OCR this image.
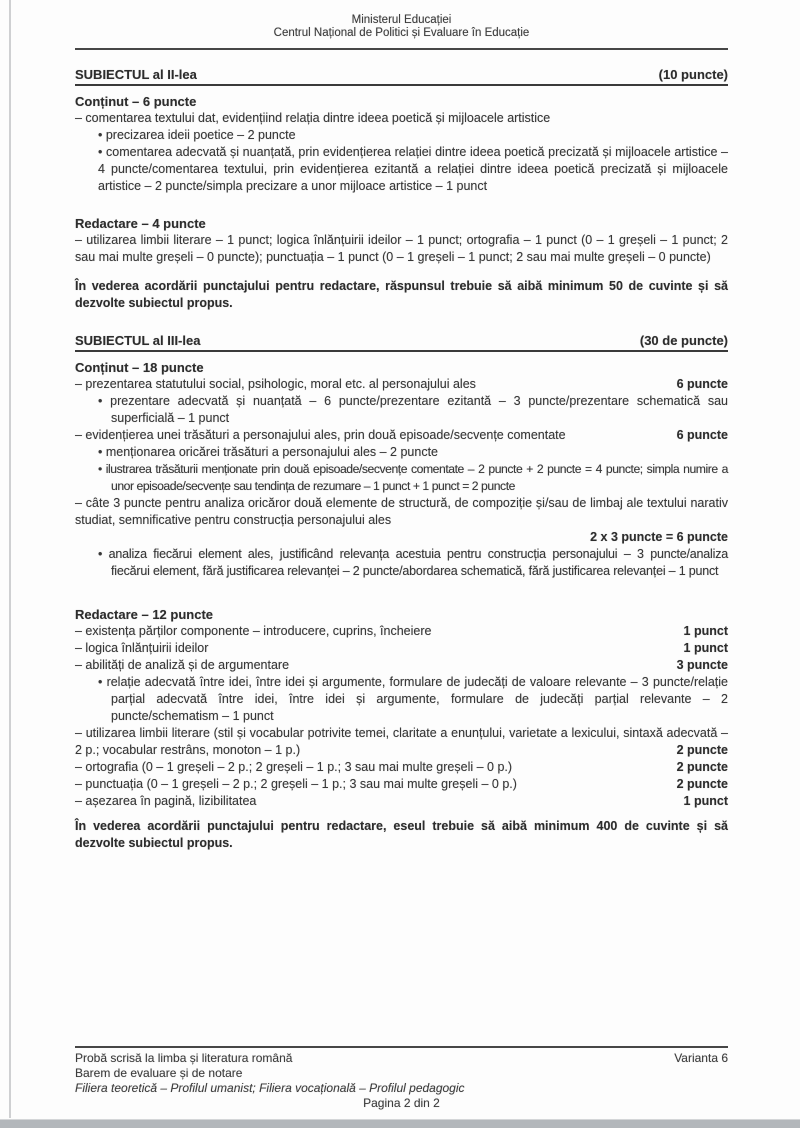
Ministerul Educației
Centrul Național de Politici și Evaluare în Educație
SUBIECTUL al II-lea	(10 puncte)
Conținut – 6 puncte
– comentarea textului dat, evidențiind relația dintre ideea poetică și mijloacele artistice
• precizarea ideii poetice – 2 puncte
• comentarea adecvată și nuanțată, prin evidențierea relației dintre ideea poetică precizată și mijloacele artistice – 4 puncte/comentarea textului, prin evidențierea ezitantă a relației dintre ideea poetică precizată și mijloacele artistice – 2 puncte/simpla precizare a unor mijloace artistice – 1 punct
Redactare – 4 puncte
– utilizarea limbii literare – 1 punct; logica înlănțuirii ideilor – 1 punct; ortografia – 1 punct (0 – 1 greșeli – 1 punct; 2 sau mai multe greșeli – 0 puncte); punctuația – 1 punct (0 – 1 greșeli – 1 punct; 2 sau mai multe greșeli – 0 puncte)
În vederea acordării punctajului pentru redactare, răspunsul trebuie să aibă minimum 50 de cuvinte și să dezvolte subiectul propus.
SUBIECTUL al III-lea	(30 de puncte)
Conținut – 18 puncte
– prezentarea statutului social, psihologic, moral etc. al personajului ales	6 puncte
• prezentare adecvată și nuanțată – 6 puncte/prezentare ezitantă – 3 puncte/prezentare schematică sau superficială – 1 punct
– evidențierea unei trăsături a personajului ales, prin două episoade/secvențe comentate	6 puncte
• menționarea oricărei trăsături a personajului ales – 2 puncte
• ilustrarea trăsăturii menționate prin două episoade/secvențe comentate – 2 puncte + 2 puncte = 4 puncte; simpla numire a unor episoade/secvențe sau tendința de rezumare – 1 punct + 1 punct = 2 puncte
– câte 3 puncte pentru analiza oricăror două elemente de structură, de compoziție și/sau de limbaj ale textului narativ studiat, semnificative pentru construcția personajului ales
2 x 3 puncte = 6 puncte
• analiza fiecărui element ales, justificând relevanța acestuia pentru construcția personajului – 3 puncte/analiza fiecărui element, fără justificarea relevanței – 2 puncte/abordarea schematică, fără justificarea relevanței – 1 punct
Redactare – 12 puncte
– existența părților componente – introducere, cuprins, încheiere	1 punct
– logica înlănțuirii ideilor	1 punct
– abilități de analiză și de argumentare	3 puncte
• relație adecvată între idei, între idei și argumente, formulare de judecăți de valoare relevante – 3 puncte/relație parțial adecvată între idei, între idei și argumente, formulare de judecăți parțial relevante – 2 puncte/schematism – 1 punct
– utilizarea limbii literare (stil și vocabular potrivite temei, claritate a enunțului, varietate a lexicului, sintaxă adecvată – 2 p.; vocabular restrâns, monoton – 1 p.)	2 puncte
– ortografia (0 – 1 greșeli – 2 p.; 2 greșeli – 1 p.; 3 sau mai multe greșeli – 0 p.)	2 puncte
– punctuația (0 – 1 greșeli – 2 p.; 2 greșeli – 1 p.; 3 sau mai multe greșeli – 0 p.)	2 puncte
– așezarea în pagină, lizibilitatea	1 punct
În vederea acordării punctajului pentru redactare, eseul trebuie să aibă minimum 400 de cuvinte și să dezvolte subiectul propus.
Probă scrisă la limba și literatura română	Varianta 6
Barem de evaluare și de notare
Filiera teoretică – Profilul umanist; Filiera vocațională – Profilul pedagogic
Pagina 2 din 2
